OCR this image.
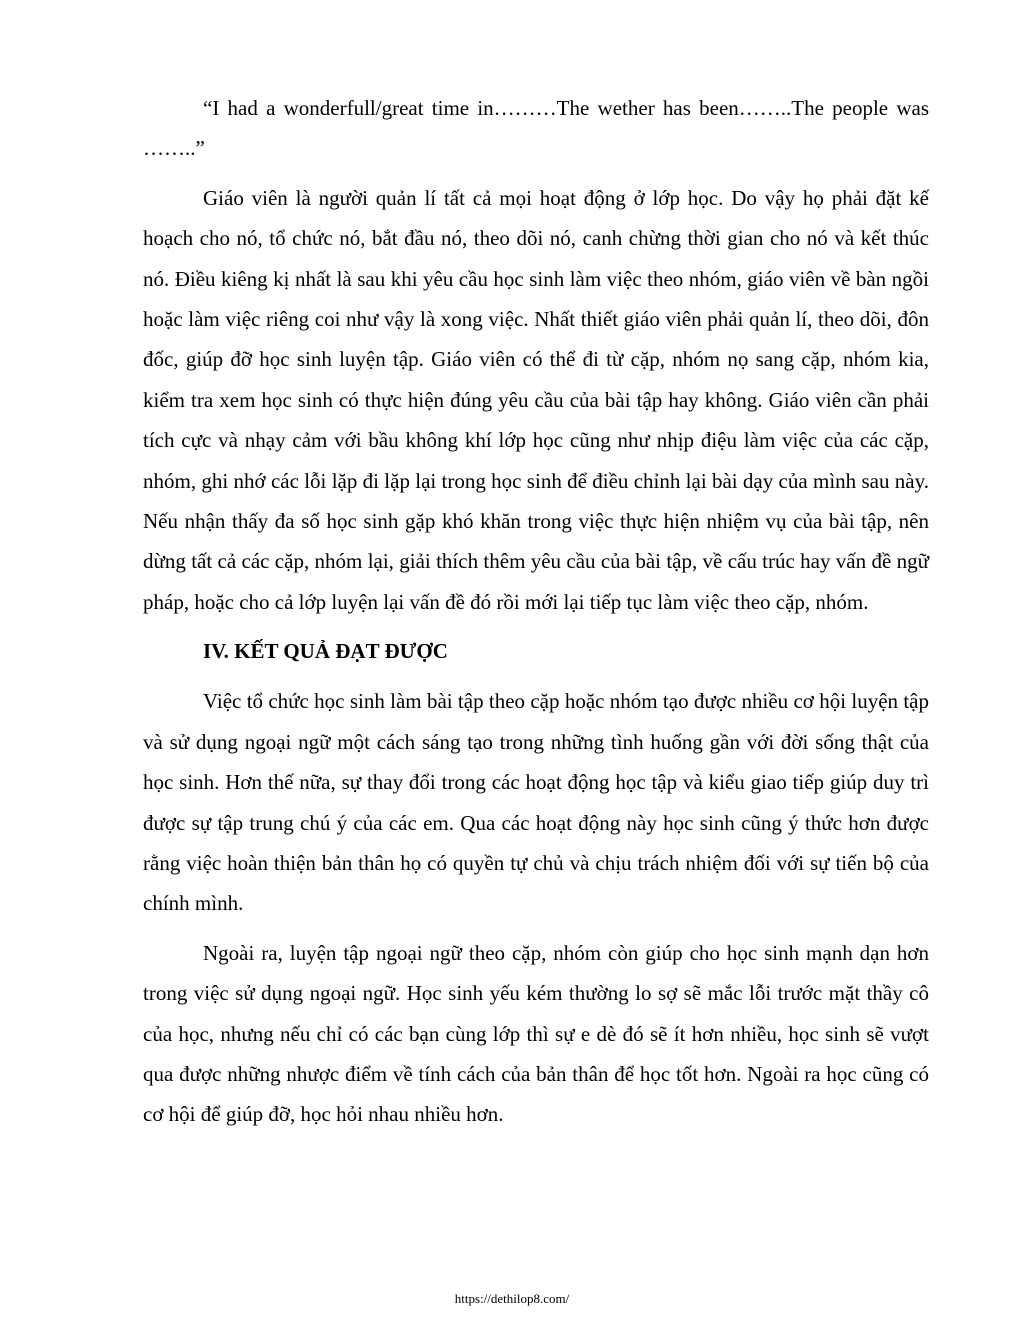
“I had a wonderfull/great time in………The wether has been……..The people was ……..”

Giáo viên là người quản lí tất cả mọi hoạt động ở lớp học. Do vậy họ phải đặt kế hoạch cho nó, tổ chức nó, bắt đầu nó, theo dõi nó, canh chừng thời gian cho nó và kết thúc nó. Điều kiêng kị nhất là sau khi yêu cầu học sinh làm việc theo nhóm, giáo viên về bàn ngồi hoặc làm việc riêng coi như vậy là xong việc. Nhất thiết giáo viên phải quản lí, theo dõi, đôn đốc, giúp đỡ học sinh luyện tập. Giáo viên có thể đi từ cặp, nhóm nọ sang cặp, nhóm kia, kiểm tra xem học sinh có thực hiện đúng yêu cầu của bài tập hay không. Giáo viên cần phải tích cực và nhạy cảm với bầu không khí lớp học cũng như nhịp điệu làm việc của các cặp, nhóm, ghi nhớ các lỗi lặp đi lặp lại trong học sinh để điều chỉnh lại bài dạy của mình sau này. Nếu nhận thấy đa số học sinh gặp khó khăn trong việc thực hiện nhiệm vụ của bài tập, nên dừng tất cả các cặp, nhóm lại, giải thích thêm yêu cầu của bài tập, về cấu trúc hay vấn đề ngữ pháp, hoặc cho cả lớp luyện lại vấn đề đó rồi mới lại tiếp tục làm việc theo cặp, nhóm.

IV. KẾT QUẢ ĐẠT ĐƯỢC

Việc tổ chức học sinh làm bài tập theo cặp hoặc nhóm tạo được nhiều cơ hội luyện tập và sử dụng ngoại ngữ một cách sáng tạo trong những tình huống gần với đời sống thật của học sinh. Hơn thế nữa, sự thay đổi trong các hoạt động học tập và kiểu giao tiếp giúp duy trì được sự tập trung chú ý của các em. Qua các hoạt động này học sinh cũng ý thức hơn được rằng việc hoàn thiện bản thân họ có quyền tự chủ và chịu trách nhiệm đối với sự tiến bộ của chính mình.

Ngoài ra, luyện tập ngoại ngữ theo cặp, nhóm còn giúp cho học sinh mạnh dạn hơn trong việc sử dụng ngoại ngữ. Học sinh yếu kém thường lo sợ sẽ mắc lỗi trước mặt thầy cô của học, nhưng nếu chỉ có các bạn cùng lớp thì sự e dè đó sẽ ít hơn nhiều, học sinh sẽ vượt qua được những nhược điểm về tính cách của bản thân để học tốt hơn. Ngoài ra học cũng có cơ hội để giúp đỡ, học hỏi nhau nhiều hơn.

https://dethilop8.com/
